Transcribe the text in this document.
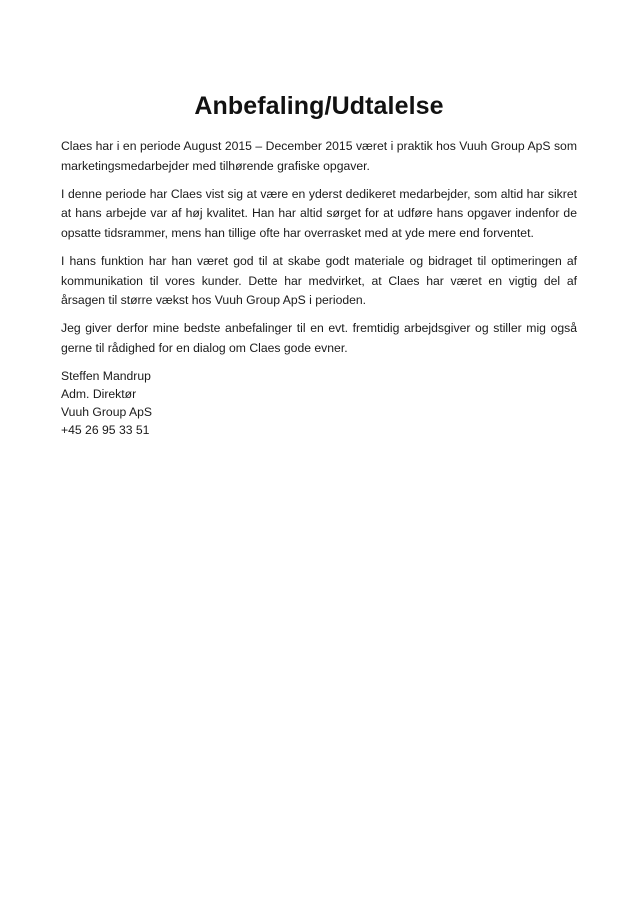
Anbefaling/Udtalelse

Claes har i en periode August 2015 – December 2015 været i praktik hos Vuuh Group ApS som marketingsmedarbejder med tilhørende grafiske opgaver.

I denne periode har Claes vist sig at være en yderst dedikeret medarbejder, som altid har sikret at hans arbejde var af høj kvalitet. Han har altid sørget for at udføre hans opgaver indenfor de opsatte tidsrammer, mens han tillige ofte har overrasket med at yde mere end forventet.

I hans funktion har han været god til at skabe godt materiale og bidraget til optimeringen af kommunikation til vores kunder. Dette har medvirket, at Claes har været en vigtig del af årsagen til større vækst hos Vuuh Group ApS i perioden.

Jeg giver derfor mine bedste anbefalinger til en evt. fremtidig arbejdsgiver og stiller mig også gerne til rådighed for en dialog om Claes gode evner.

Steffen Mandrup
Adm. Direktør
Vuuh Group ApS
+45 26 95 33 51
